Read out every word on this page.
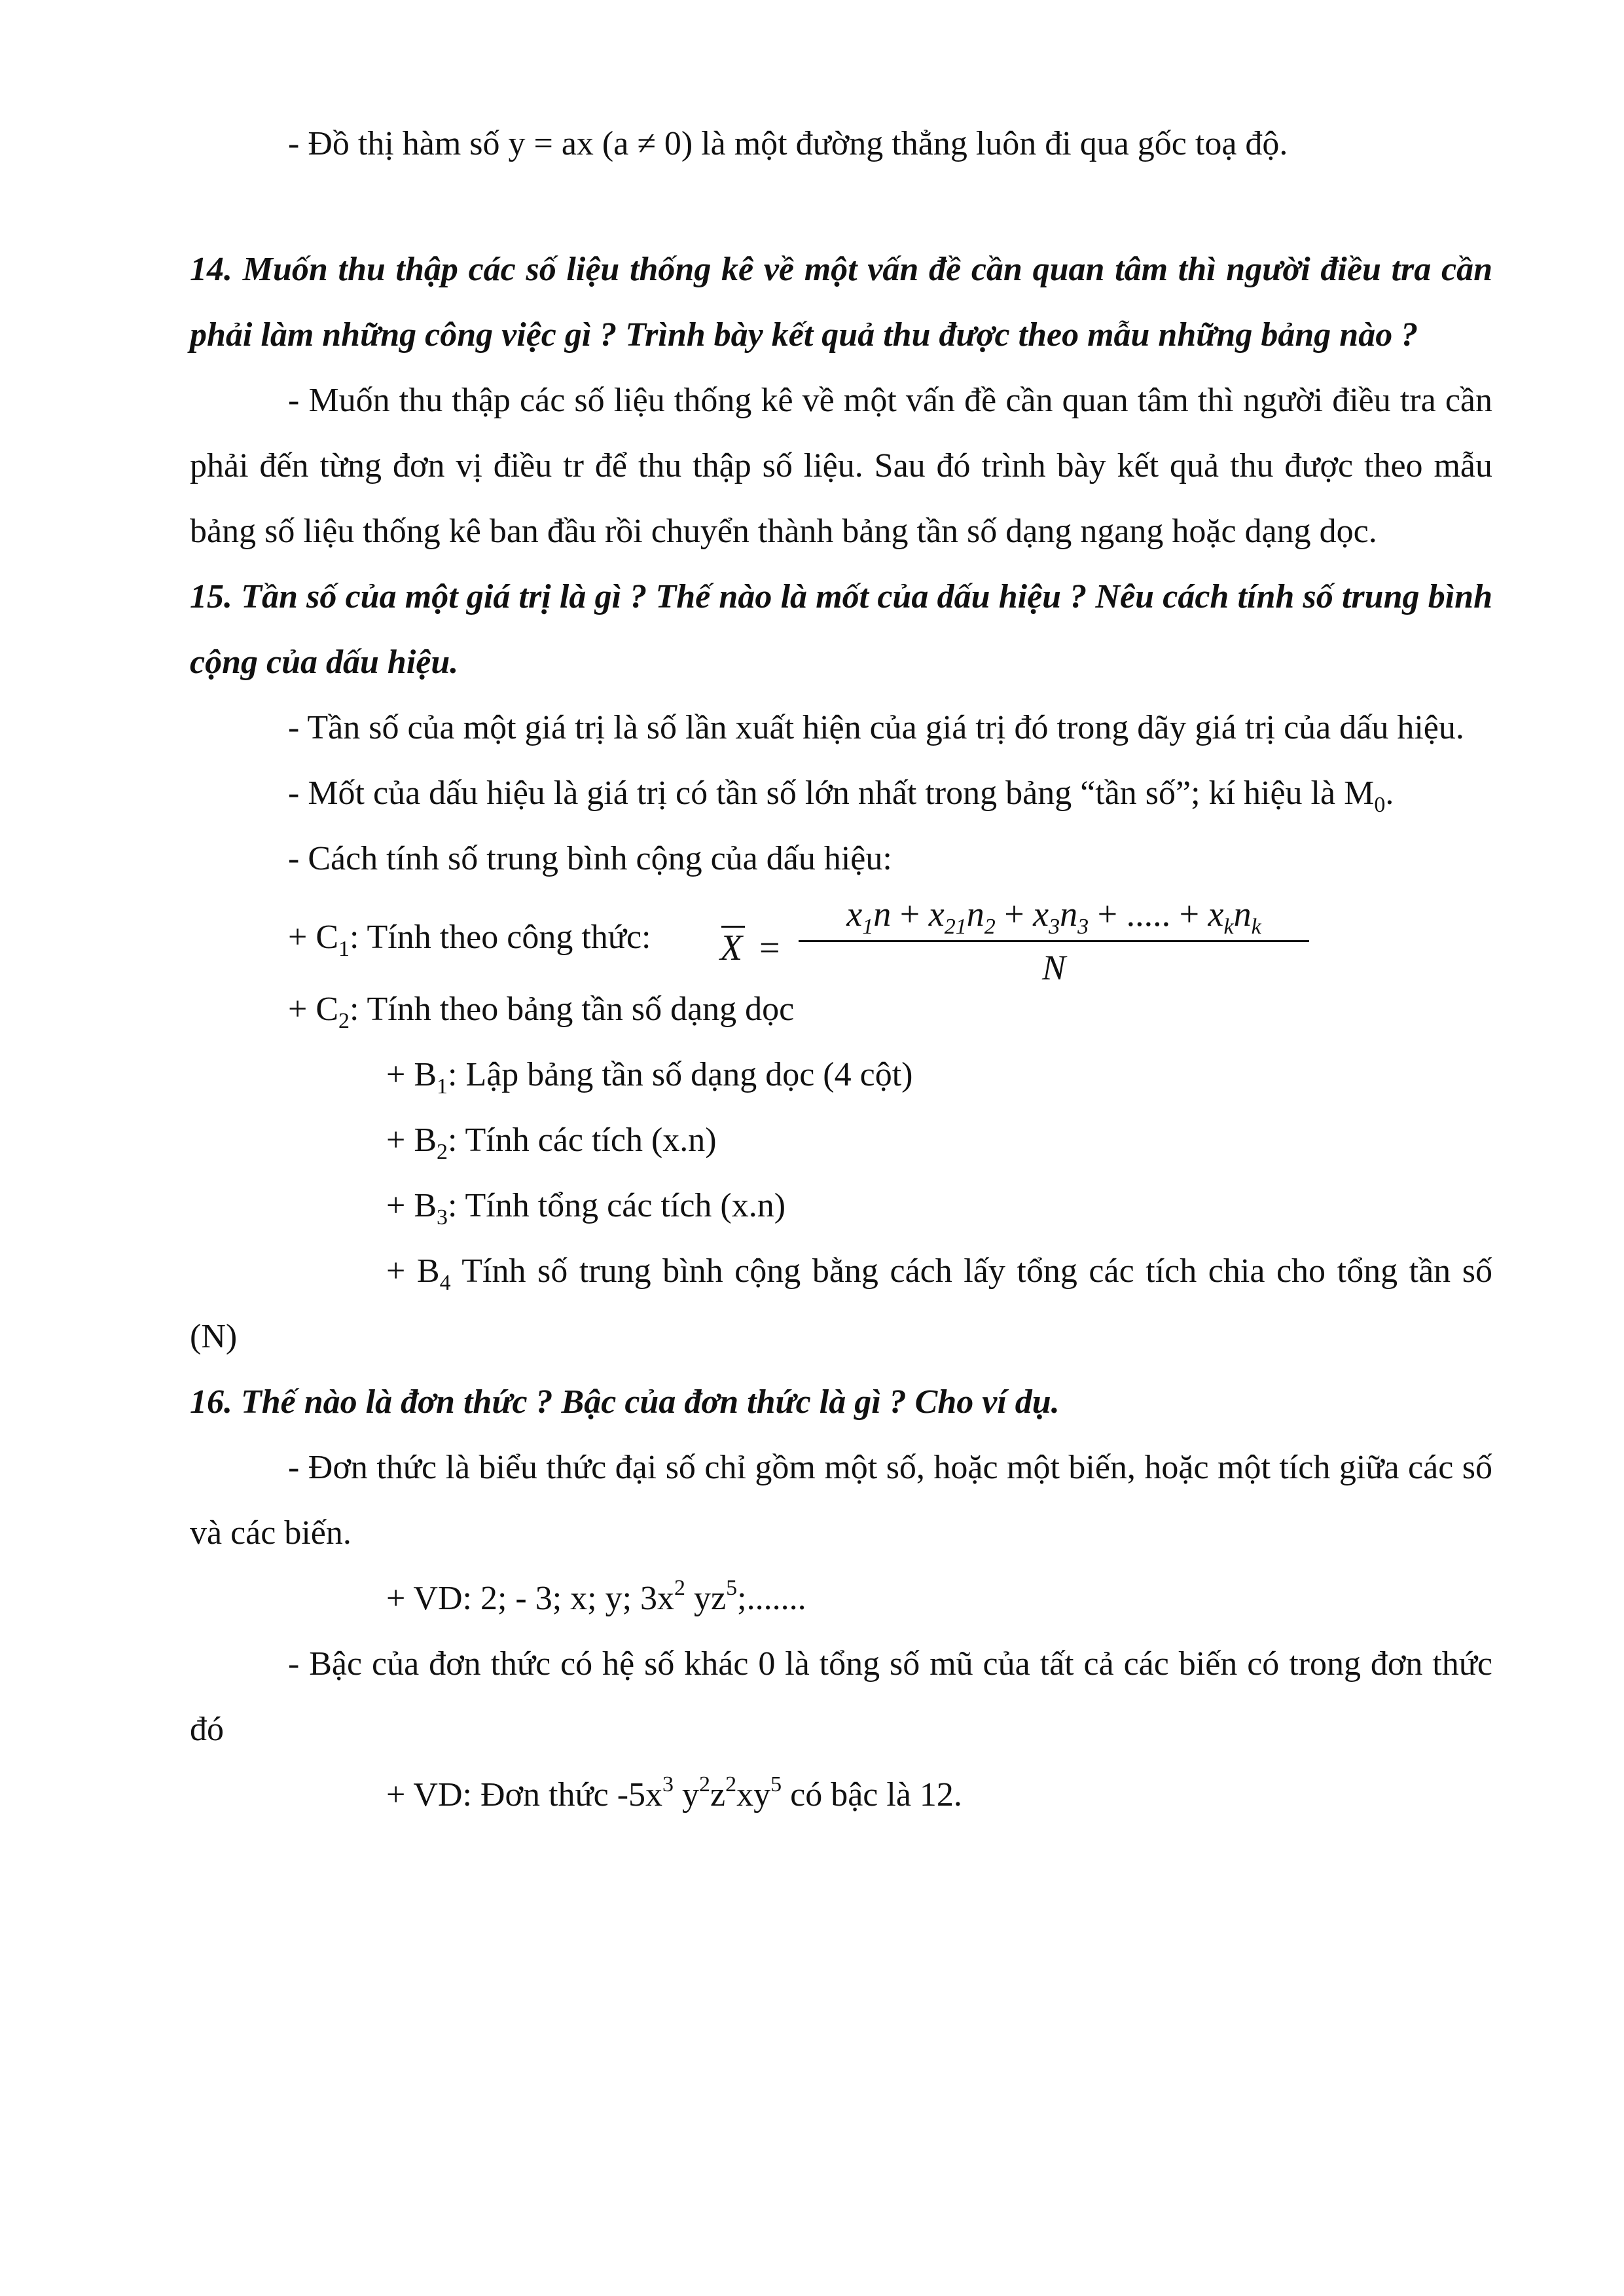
- Đồ thị hàm số y = ax (a ≠ 0) là một đường thẳng luôn đi qua gốc toạ độ.

14. Muốn thu thập các số liệu thống kê về một vấn đề cần quan tâm thì người điều tra cần phải làm những công việc gì ? Trình bày kết quả thu được theo mẫu những bảng nào ?

- Muốn thu thập các số liệu thống kê về một vấn đề cần quan tâm thì người điều tra cần phải đến từng đơn vị điều tr để thu thập số liệu. Sau đó trình bày kết quả thu được theo mẫu bảng số liệu thống kê ban đầu rồi chuyển thành bảng tần số dạng ngang hoặc dạng dọc.

15. Tần số của một giá trị là gì ? Thế nào là mốt của dấu hiệu ? Nêu cách tính số trung bình cộng của dấu hiệu.

- Tần số của một giá trị là số lần xuất hiện của giá trị đó trong dãy giá trị của dấu hiệu.

- Mốt của dấu hiệu là giá trị có tần số lớn nhất trong bảng “tần số”; kí hiệu là $M_0$.

- Cách tính số trung bình cộng của dấu hiệu:

+ $C_1$: Tính theo công thức: X =
$x_1n + x_{21}n_2 + x_3n_3$ + ..... + $x_kn_k$
N

+ $C_2$: Tính theo bảng tần số dạng dọc

+ $B_1$: Lập bảng tần số dạng dọc (4 cột)

+ $B_2$: Tính các tích (x.n)

+ $B_3$: Tính tổng các tích (x.n)

+ $B_4$ Tính số trung bình cộng bằng cách lấy tổng các tích chia cho tổng tần số (N)

16. Thế nào là đơn thức ? Bậc của đơn thức là gì ? Cho ví dụ.

- Đơn thức là biểu thức đại số chỉ gồm một số, hoặc một biến, hoặc một tích giữa các số và các biến.

+ VD: 2; - 3; x; y; $3x^2$ $yz^5$;.......

- Bậc của đơn thức có hệ số khác 0 là tổng số mũ của tất cả các biến có trong đơn thức đó

+ VD: Đơn thức $-5x^3$ $y^2z^2xy^5$ có bậc là 12.
